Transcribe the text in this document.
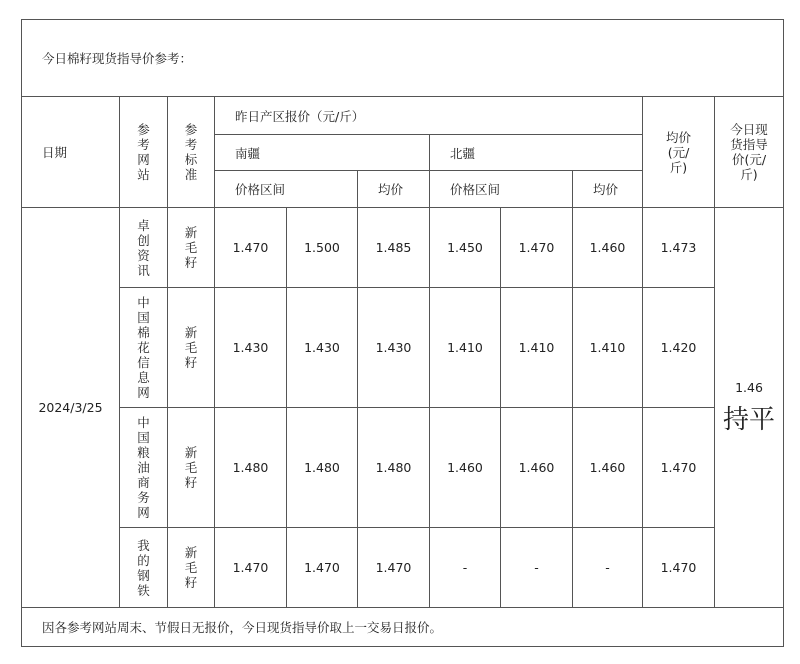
今日棉籽现货指导价参考：										
日期	参考网站	参考标准	昨日产区报价（元/斤）						均价(元/斤)	今日现货指导价(元/斤)
			南疆			北疆				
			价格区间		均价	价格区间		均价		
2024/3/25	卓创资讯	新毛籽	1.470	1.500	1.485	1.450	1.470	1.460	1.473	1.46
持平

	中国棉花信息网	新毛籽	1.430	1.430	1.430	1.410	1.410	1.410	1.420	

	中国粮油商务网	新毛籽	1.480	1.480	1.480	1.460	1.460	1.460	1.470	

	我的钢铁	新毛籽	1.470	1.470	1.470	-	-	-	1.470	
因各参考网站周末、节假日无报价，今日现货指导价取上一交易日报价。										
